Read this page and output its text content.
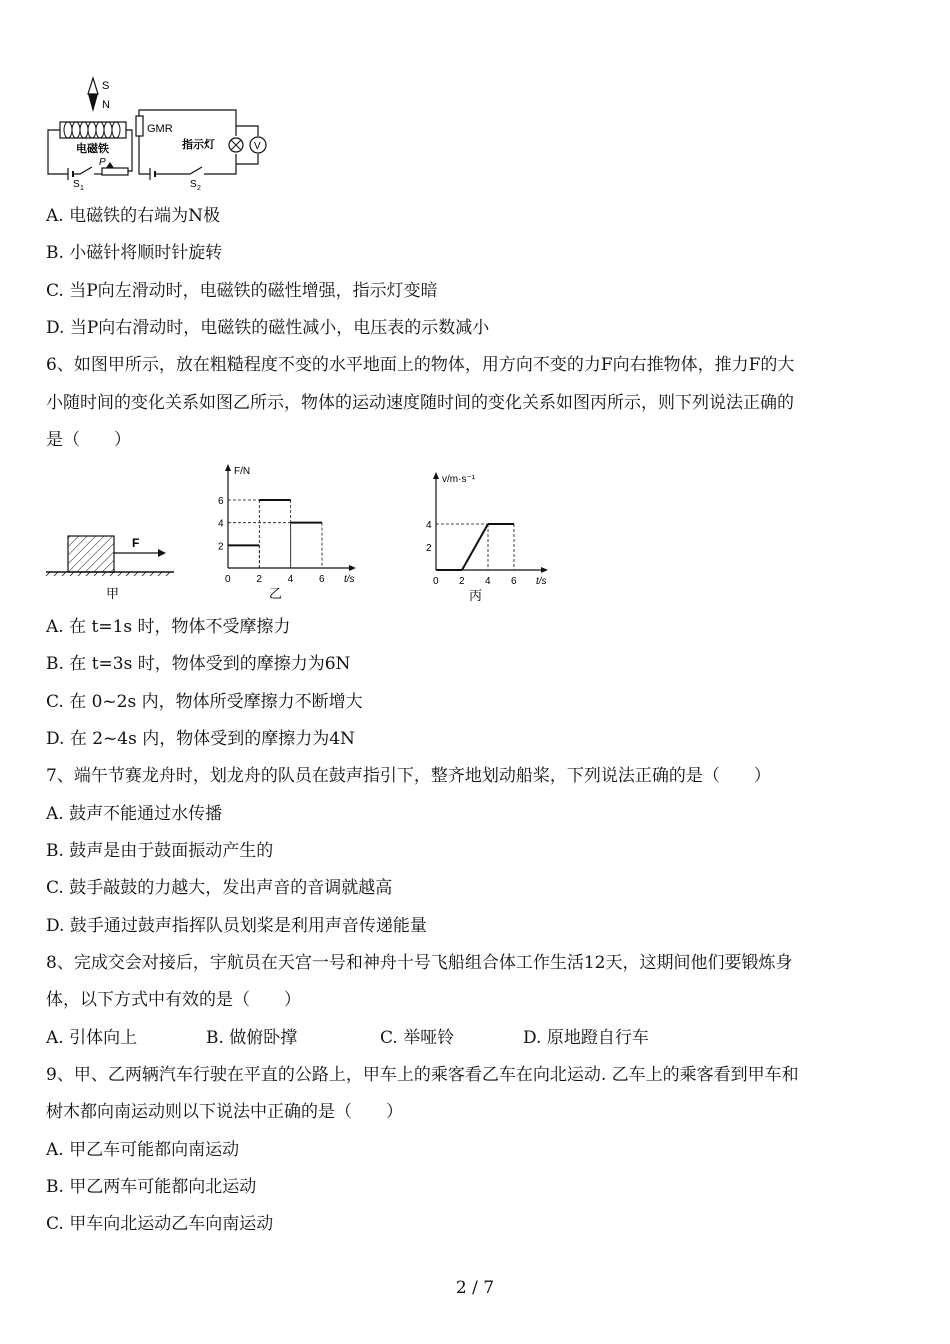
S
N
电磁铁
S 1
P
GMR
S 2
指示灯	V
A. 电磁铁的右端为N极
B. 小磁针将顺时针旋转
C. 当P向左滑动时，电磁铁的磁性增强，指示灯变暗
D. 当P向右滑动时，电磁铁的磁性减小，电压表的示数减小
6、如图甲所示，放在粗糙程度不变的水平地面上的物体，用方向不变的力F向右推物体，推力F的大
小随时间的变化关系如图乙所示，物体的运动速度随时间的变化关系如图丙所示，则下列说法正确的
是（　　）
F
甲
F/N
t/s
0	2	4	6
2
4
6
乙
v/m·s⁻¹
t/s
0 2 4 6
2
4
丙
A. 在 t=1s 时，物体不受摩擦力
B. 在 t=3s 时，物体受到的摩擦力为6N
C. 在 0~2s 内，物体所受摩擦力不断增大
D. 在 2~4s 内，物体受到的摩擦力为4N
7、端午节赛龙舟时，划龙舟的队员在鼓声指引下，整齐地划动船桨，下列说法正确的是（　　）
A. 鼓声不能通过水传播
B. 鼓声是由于鼓面振动产生的
C. 鼓手敲鼓的力越大，发出声音的音调就越高
D. 鼓手通过鼓声指挥队员划桨是利用声音传递能量
8、完成交会对接后，宇航员在天宫一号和神舟十号飞船组合体工作生活12天，这期间他们要锻炼身
体，以下方式中有效的是（　　）
A. 引体向上	B. 做俯卧撑	C. 举哑铃	D. 原地蹬自行车
9、甲、乙两辆汽车行驶在平直的公路上，甲车上的乘客看乙车在向北运动. 乙车上的乘客看到甲车和
树木都向南运动则以下说法中正确的是（　　）
A. 甲乙车可能都向南运动
B. 甲乙两车可能都向北运动
C. 甲车向北运动乙车向南运动
2 / 7
